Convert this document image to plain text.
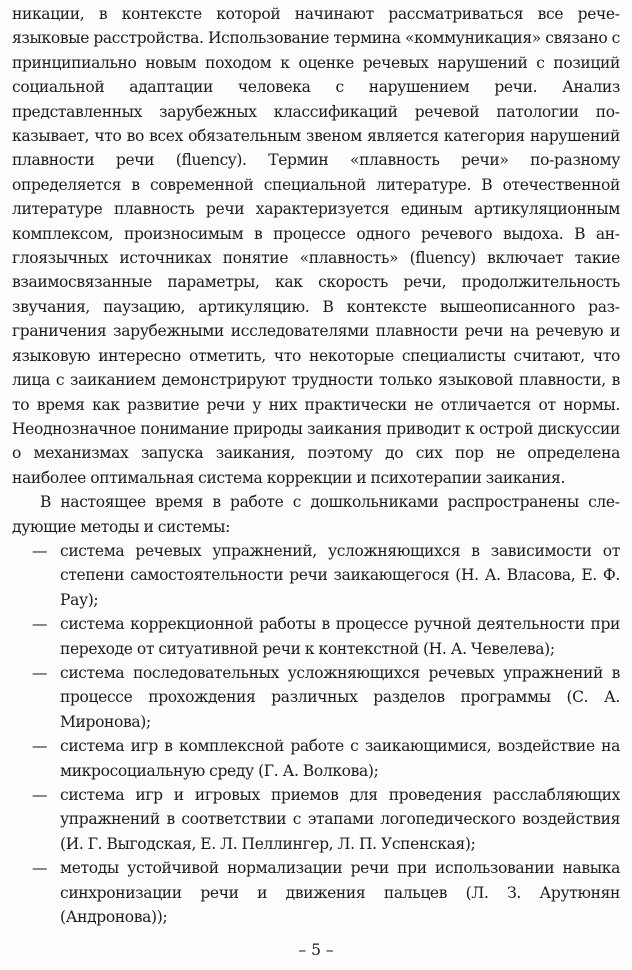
никации, в контексте которой начинают рассматриваться все речеязыковые расстройства. Использование термина «коммуникация» связано с принципиально новым походом к оценке речевых нарушений с позиций социальной адаптации человека с нарушением речи. Анализ представленных зарубежных классификаций речевой патологии показывает, что во всех обязательным звеном является категория нарушений плавности речи (fluency). Термин «плавность речи» по-разному определяется в современной специальной литературе. В отечественной литературе плавность речи характеризуется единым артикуляционным комплексом, произносимым в процессе одного речевого выдоха. В англоязычных источниках понятие «плавность» (fluency) включает такие взаимосвязанные параметры, как скорость речи, продолжительность звучания, паузацию, артикуляцию. В контексте вышеописанного разграничения зарубежными исследователями плавности речи на речевую и языковую интересно отметить, что некоторые специалисты считают, что лица с заиканием демонстрируют трудности только языковой плавности, в то время как развитие речи у них практически не отличается от нормы. Неоднозначное понимание природы заикания приводит к острой дискуссии о механизмах запуска заикания, поэтому до сих пор не определена наиболее оптимальная система коррекции и психотерапии заикания.

В настоящее время в работе с дошкольниками распространены следующие методы и системы:

— система речевых упражнений, усложняющихся в зависимости от степени самостоятельности речи заикающегося (Н. А. Власова, Е. Ф. Рау);
— система коррекционной работы в процессе ручной деятельности при переходе от ситуативной речи к контекстной (Н. А. Чевелева);
— система последовательных усложняющихся речевых упражнений в процессе прохождения различных разделов программы (С. А. Миронова);
— система игр в комплексной работе с заикающимися, воздействие на микросоциальную среду (Г. А. Волкова);
— система игр и игровых приемов для проведения расслабляющих упражнений в соответствии с этапами логопедического воздействия (И. Г. Выгодская, Е. Л. Пеллингер, Л. П. Успенская);
— методы устойчивой нормализации речи при использовании навыка синхронизации речи и движения пальцев (Л. З. Арутюнян (Андронова));
– 5 –
